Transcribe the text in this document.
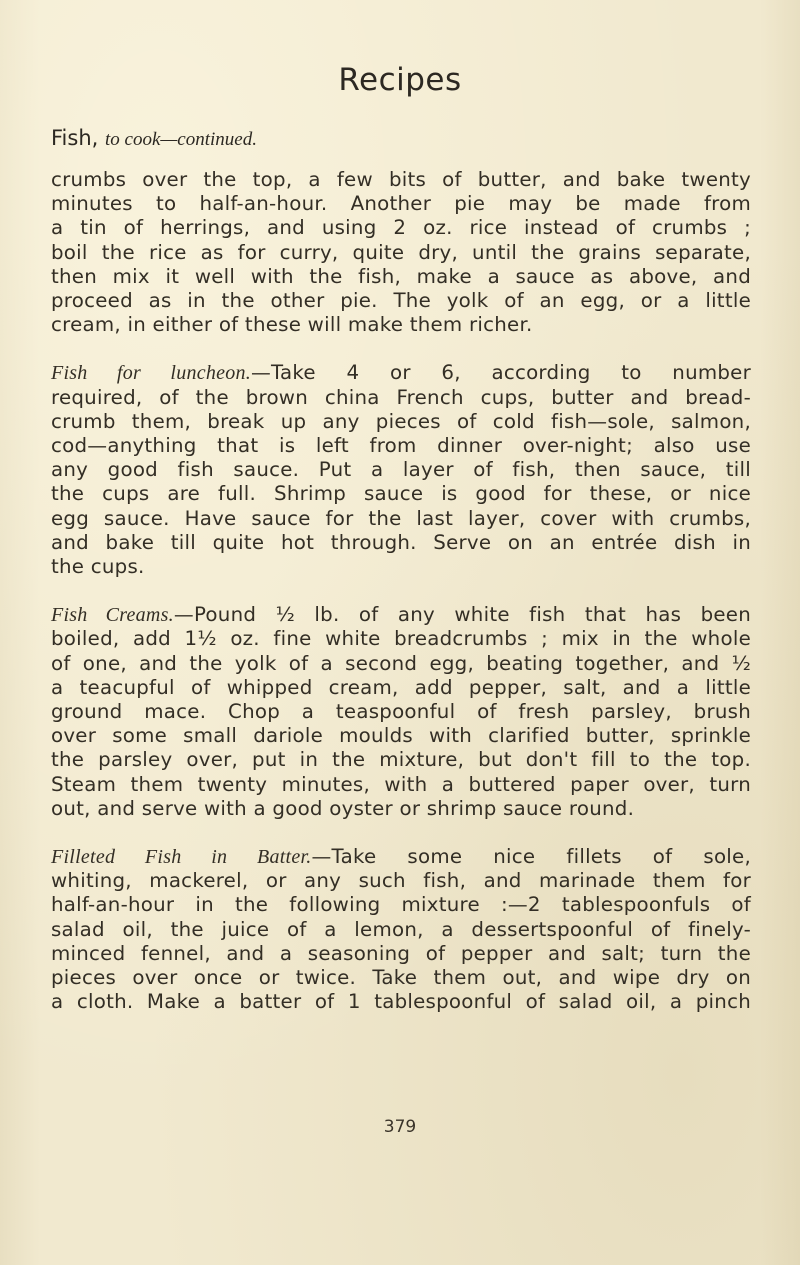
Recipes
Fish, to cook—continued.
crumbs over the top, a few bits of butter, and bake twenty
minutes to half-an-hour. Another pie may be made from
a tin of herrings, and using 2 oz. rice instead of crumbs ;
boil the rice as for curry, quite dry, until the grains separate,
then mix it well with the fish, make a sauce as above, and
proceed as in the other pie. The yolk of an egg, or a little
cream, in either of these will make them richer.
Fish for luncheon.—Take 4 or 6, according to number
required, of the brown china French cups, butter and bread-
crumb them, break up any pieces of cold fish—sole, salmon,
cod—anything that is left from dinner over-night; also use
any good fish sauce. Put a layer of fish, then sauce, till
the cups are full. Shrimp sauce is good for these, or nice
egg sauce. Have sauce for the last layer, cover with crumbs,
and bake till quite hot through. Serve on an entrée dish in
the cups.
Fish Creams.—Pound ½ lb. of any white fish that has been
boiled, add 1½ oz. fine white breadcrumbs ; mix in the whole
of one, and the yolk of a second egg, beating together, and ½
a teacupful of whipped cream, add pepper, salt, and a little
ground mace. Chop a teaspoonful of fresh parsley, brush
over some small dariole moulds with clarified butter, sprinkle
the parsley over, put in the mixture, but don't fill to the top.
Steam them twenty minutes, with a buttered paper over, turn
out, and serve with a good oyster or shrimp sauce round.
Filleted Fish in Batter.—Take some nice fillets of sole,
whiting, mackerel, or any such fish, and marinade them for
half-an-hour in the following mixture :—2 tablespoonfuls of
salad oil, the juice of a lemon, a dessertspoonful of finely-
minced fennel, and a seasoning of pepper and salt; turn the
pieces over once or twice. Take them out, and wipe dry on
a cloth. Make a batter of 1 tablespoonful of salad oil, a pinch
379
